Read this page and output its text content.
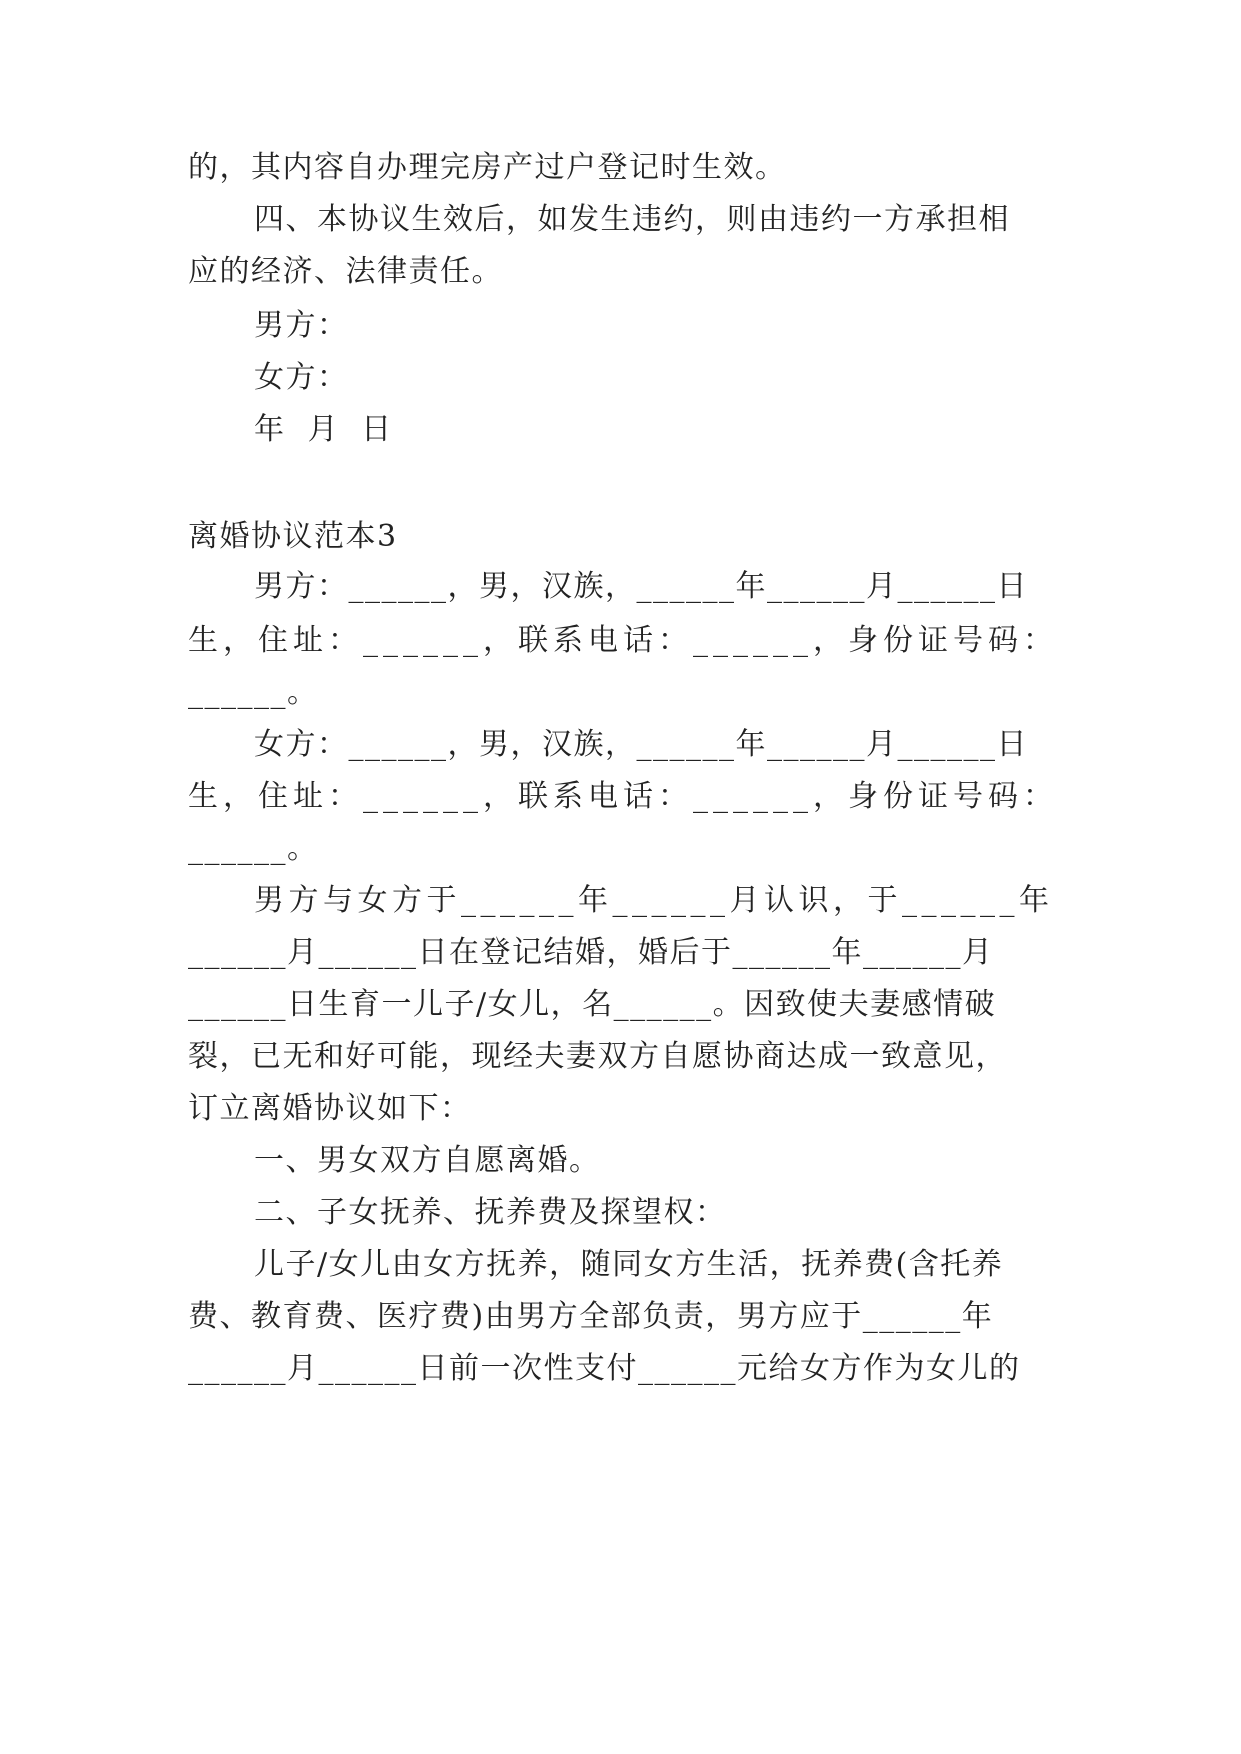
的，其内容自办理完房产过户登记时生效。
四、本协议生效后，如发生违约，则由违约一方承担相
应的经济、法律责任。
男方：
女方：
年  月  日
离婚协议范本3
男方：______，男，汉族，______年______月______日
生，住址：______，联系电话：______，身份证号码：
______。
女方：______，男，汉族，______年______月______日
生，住址：______，联系电话：______，身份证号码：
______。
男方与女方于______年______月认识，于______年
______月______日在登记结婚，婚后于______年______月
______日生育一儿子/女儿，名______。因致使夫妻感情破
裂，已无和好可能，现经夫妻双方自愿协商达成一致意见，
订立离婚协议如下：
一、男女双方自愿离婚。
二、子女抚养、抚养费及探望权：
儿子/女儿由女方抚养，随同女方生活，抚养费(含托养
费、教育费、医疗费)由男方全部负责，男方应于______年
______月______日前一次性支付______元给女方作为女儿的
